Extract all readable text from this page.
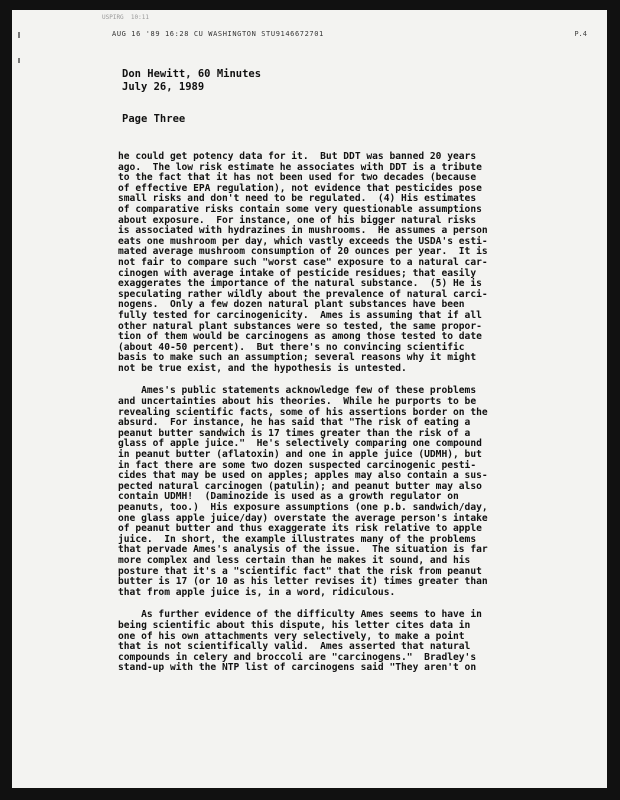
USPIRG  10:11
AUG 16 '89 16:28 CU WASHINGTON STU9146672701	P.4
Don Hewitt, 60 Minutes
July 26, 1989
Page Three

he could get potency data for it.  But DDT was banned 20 years
ago.  The low risk estimate he associates with DDT is a tribute
to the fact that it has not been used for two decades (because
of effective EPA regulation), not evidence that pesticides pose
small risks and don't need to be regulated.  (4) His estimates
of comparative risks contain some very questionable assumptions
about exposure.  For instance, one of his bigger natural risks
is associated with hydrazines in mushrooms.  He assumes a person
eats one mushroom per day, which vastly exceeds the USDA's esti-
mated average mushroom consumption of 20 ounces per year.  It is
not fair to compare such "worst case" exposure to a natural car-
cinogen with average intake of pesticide residues; that easily
exaggerates the importance of the natural substance.  (5) He is
speculating rather wildly about the prevalence of natural carci-
nogens.  Only a few dozen natural plant substances have been
fully tested for carcinogenicity.  Ames is assuming that if all
other natural plant substances were so tested, the same propor-
tion of them would be carcinogens as among those tested to date
(about 40-50 percent).  But there's no convincing scientific
basis to make such an assumption; several reasons why it might
not be true exist, and the hypothesis is untested.

Ames's public statements acknowledge few of these problems
and uncertainties about his theories.  While he purports to be
revealing scientific facts, some of his assertions border on the
absurd.  For instance, he has said that "The risk of eating a
peanut butter sandwich is 17 times greater than the risk of a
glass of apple juice."  He's selectively comparing one compound
in peanut butter (aflatoxin) and one in apple juice (UDMH), but
in fact there are some two dozen suspected carcinogenic pesti-
cides that may be used on apples; apples may also contain a sus-
pected natural carcinogen (patulin); and peanut butter may also
contain UDMH!  (Daminozide is used as a growth regulator on
peanuts, too.)  His exposure assumptions (one p.b. sandwich/day,
one glass apple juice/day) overstate the average person's intake
of peanut butter and thus exaggerate its risk relative to apple
juice.  In short, the example illustrates many of the problems
that pervade Ames's analysis of the issue.  The situation is far
more complex and less certain than he makes it sound, and his
posture that it's a "scientific fact" that the risk from peanut
butter is 17 (or 10 as his letter revises it) times greater than
that from apple juice is, in a word, ridiculous.

As further evidence of the difficulty Ames seems to have in
being scientific about this dispute, his letter cites data in
one of his own attachments very selectively, to make a point
that is not scientifically valid.  Ames asserted that natural
compounds in celery and broccoli are "carcinogens."  Bradley's
stand-up with the NTP list of carcinogens said "They aren't on
